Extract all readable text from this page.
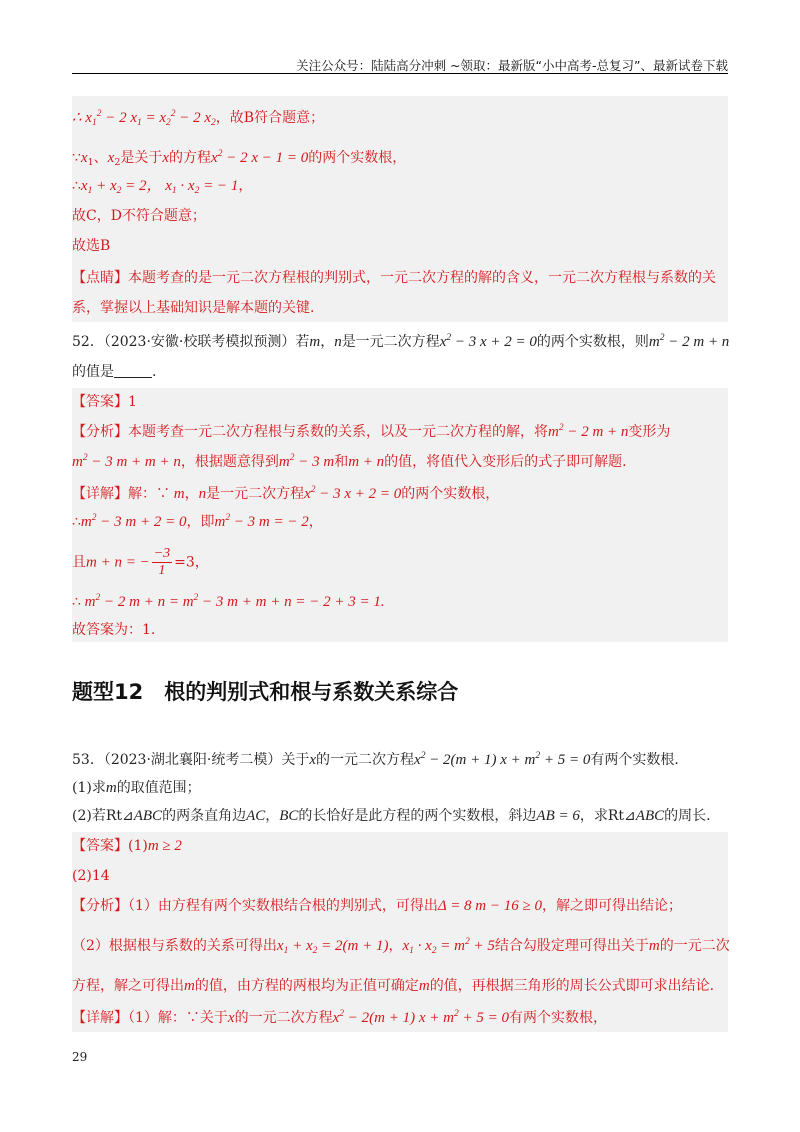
关注公众号：陆陆高分冲刺 ~领取：最新版“小中高考-总复习”、最新试卷下载
∴ $x_1^2 - 2$ $x_1 = x_2^2 - 2$ $x_2$，故B符合题意；
$\because x_1$、$x_2$是关于x的方程$x^2 - 2$ x − 1 = 0的两个实数根，
$\therefore x_1 + x_2 = 2$， $x_1 \cdot x_2$ = − 1，
故C，D不符合题意；
故选B
【点睛】本题考查的是一元二次方程根的判别式，一元二次方程的解的含义，一元二次方程根与系数的关
系，掌握以上基础知识是解本题的关键.
52．（2023·安徽·校联考模拟预测）若m，n是一元二次方程$x^2 - 3$ x + 2 = 0的两个实数根，则$m^2 - 2$ m + n
的值是	.
【答案】1
【分析】本题考查一元二次方程根与系数的关系，以及一元二次方程的解，将$m^2 - 2$ m + n变形为
$m^2 - 3$ m + m + n，根据题意得到$m^2 - 3$ m和m + n的值，将值代入变形后的式子即可解题.
【详解】解：∵ m，n是一元二次方程$x^2 - 3$ x + 2 = 0的两个实数根，
$\therefore m^2 - 3$ m + 2 = 0，即$m^2 - 3$ m = − 2，
且m + n = − $\frac{-3}{1} =3$，
∴ $m^2 - 2$ $m + n = m^2 - 3$ m + m + n = − 2 + 3 = 1.
故答案为：1.
题型12　根的判别式和根与系数关系综合
53．（2023·湖北襄阳·统考二模）关于x的一元二次方程$x^2 - 2(m + 1) x + m^2 + 5 = 0$有两个实数根.
(1)求m的取值范围；
(2)若Rt⊿ABC的两条直角边AC，BC的长恰好是此方程的两个实数根，斜边AB = 6，求Rt⊿ABC的周长.
【答案】(1)m ≥ 2
(2)14
【分析】（1）由方程有两个实数根结合根的判别式，可得出Δ = 8 m − 16 ≥ 0，解之即可得出结论；
（2）根据根与系数的关系可得出$x_1 + x_2 = 2(m + 1)$，$x_1 \cdot x_2 = m^2 + 5$结合勾股定理可得出关于m的一元二次
方程，解之可得出m的值，由方程的两根均为正值可确定m的值，再根据三角形的周长公式即可求出结论.
【详解】（1）解：∵关于x的一元二次方程$x^2 - 2(m + 1) x + m^2 + 5 = 0$有两个实数根，
29
